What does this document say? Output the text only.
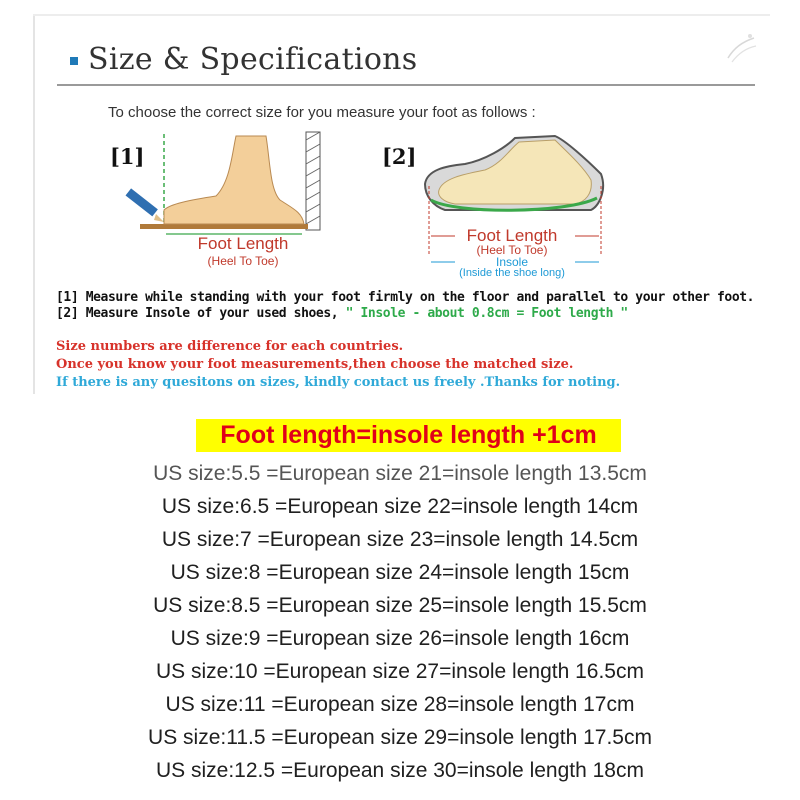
Size & Specifications
To choose the correct size for you measure your foot as follows :
[1]	[2]
Foot Length
(Heel To Toe)
Foot Length
(Heel To Toe)
Insole
(Inside the shoe long)
[1] Measure while standing with your foot firmly on the floor and parallel to your other foot.
[2] Measure Insole of your used shoes, " Insole - about 0.8cm = Foot length "
Size numbers are difference for each countries.
Once you know your foot measurements,then choose the matched size.
If there is any quesitons on sizes, kindly contact us freely .Thanks for noting.
Foot length=insole length +1cm
US size:5.5 =European size 21=insole length 13.5cm
US size:6.5 =European size 22=insole length 14cm
US size:7 =European size 23=insole length 14.5cm
US size:8 =European size 24=insole length 15cm
US size:8.5 =European size 25=insole length 15.5cm
US size:9 =European size 26=insole length 16cm
US size:10 =European size 27=insole length 16.5cm
US size:11 =European size 28=insole length 17cm
US size:11.5 =European size 29=insole length 17.5cm
US size:12.5 =European size 30=insole length 18cm
